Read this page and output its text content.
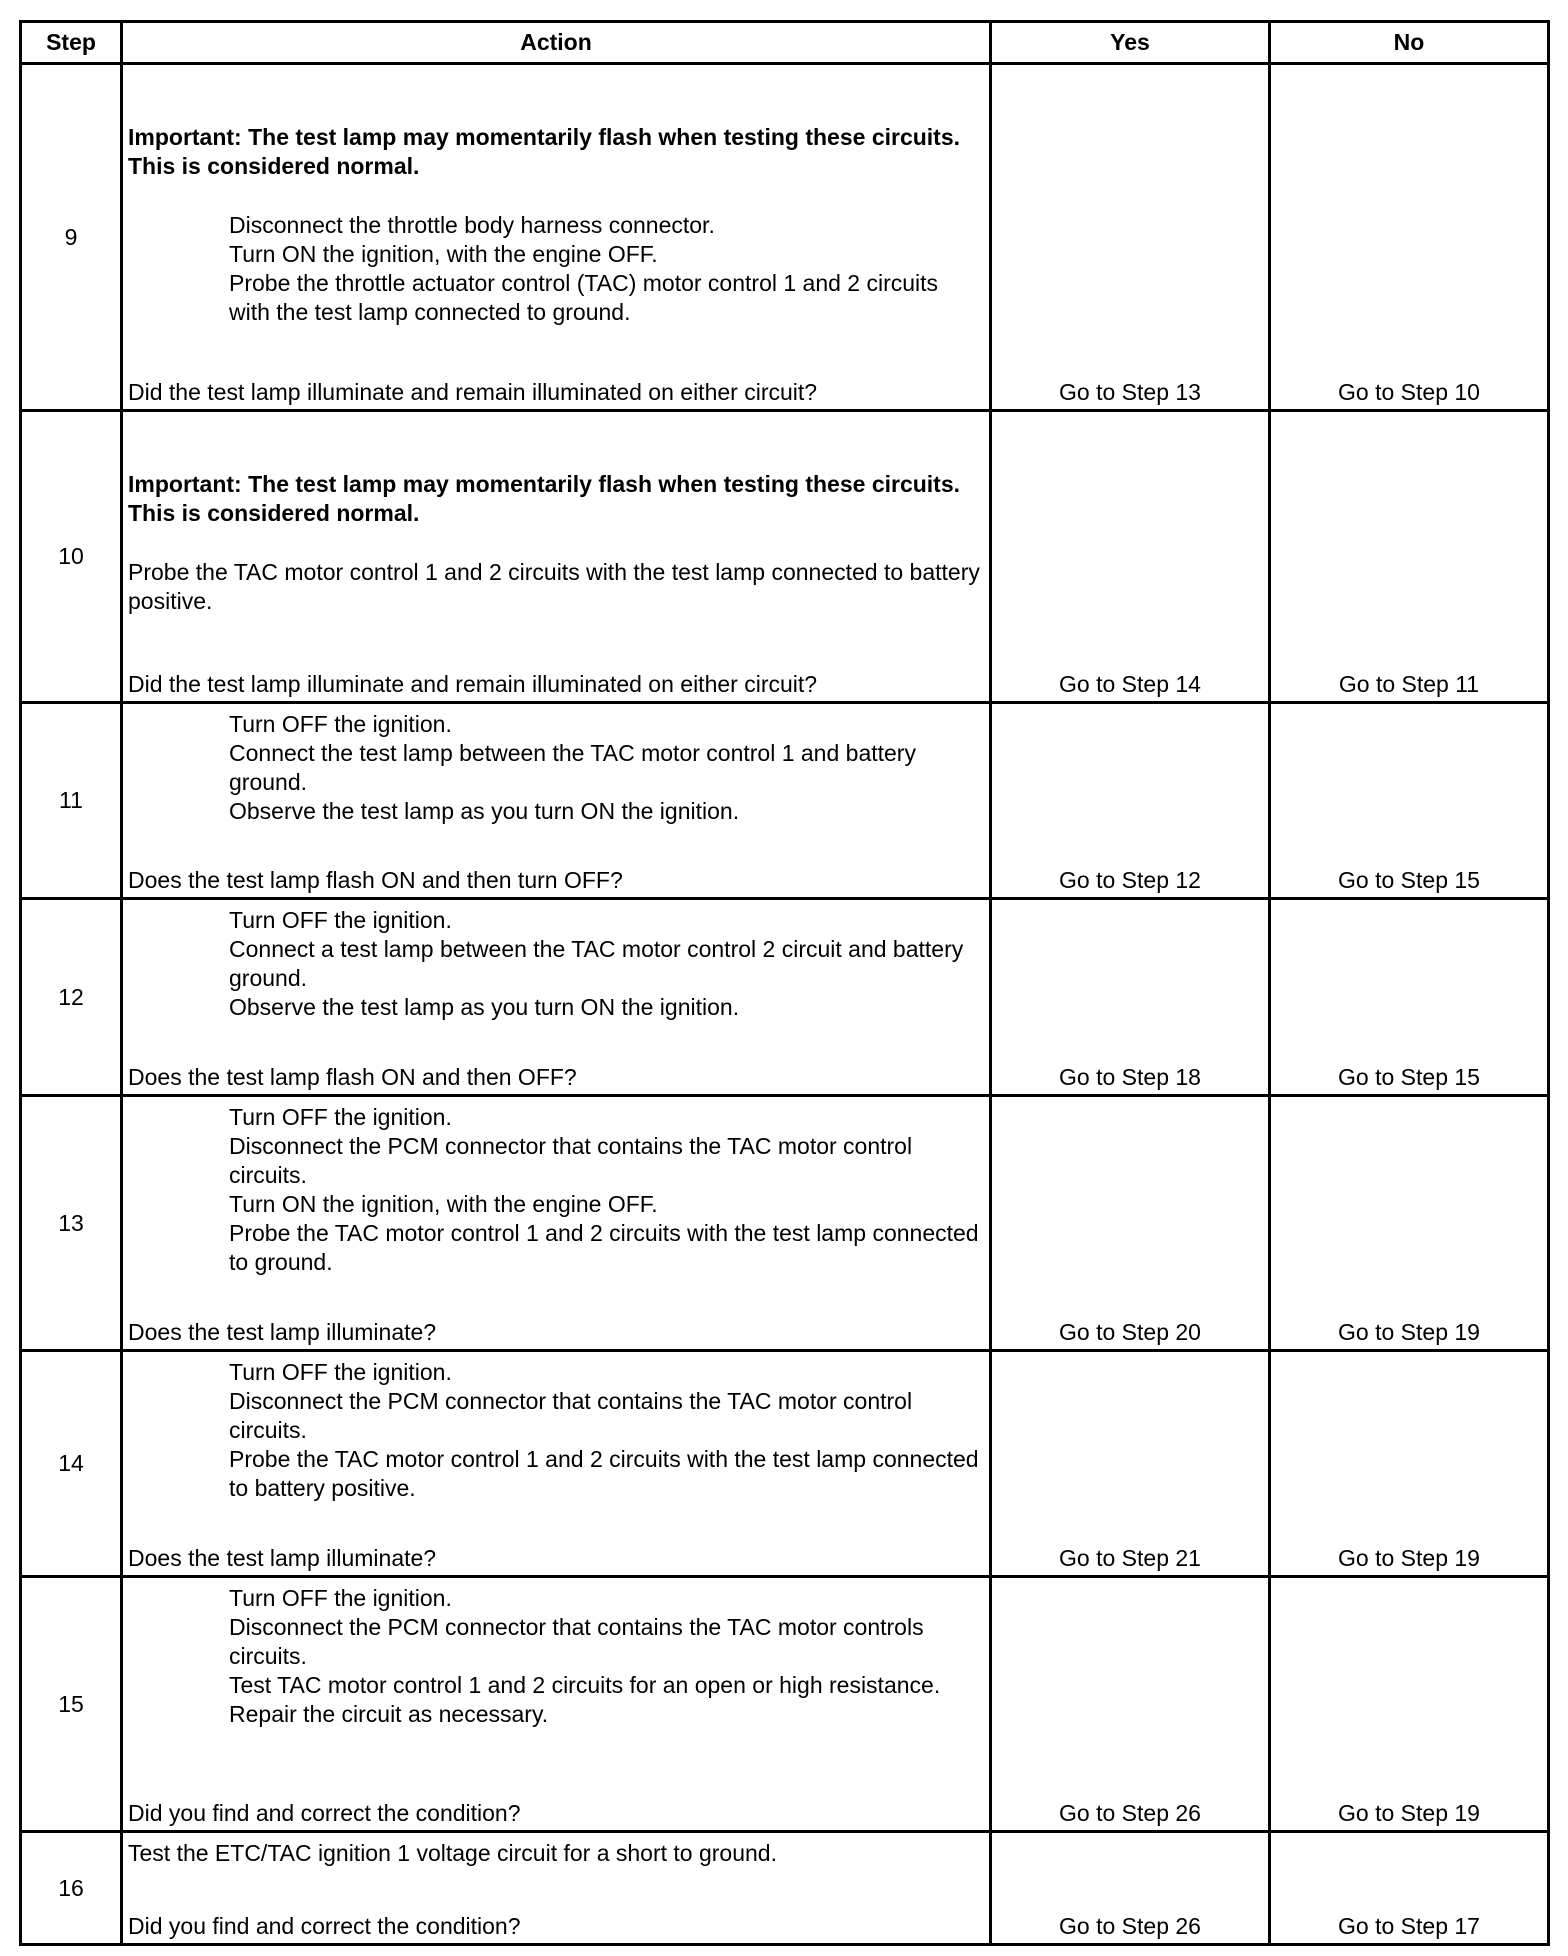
Step	Action	Yes	No
9	Important: The test lamp may momentarily flash when testing these circuits. This is considered normal.

Disconnect the throttle body harness connector.
Turn ON the ignition, with the engine OFF.
Probe the throttle actuator control (TAC) motor control 1 and 2 circuits with the test lamp connected to ground.
Did the test lamp illuminate and remain illuminated on either circuit?	Go to Step 13	Go to Step 10
10	Important: The test lamp may momentarily flash when testing these circuits. This is considered normal.

Probe the TAC motor control 1 and 2 circuits with the test lamp connected to battery positive.

Did the test lamp illuminate and remain illuminated on either circuit?	Go to Step 14	Go to Step 11
11	Turn OFF the ignition.
Connect the test lamp between the TAC motor control 1 and battery ground.
Observe the test lamp as you turn ON the ignition.
Does the test lamp flash ON and then turn OFF?	Go to Step 12	Go to Step 15
12	Turn OFF the ignition.
Connect a test lamp between the TAC motor control 2 circuit and battery ground.
Observe the test lamp as you turn ON the ignition.
Does the test lamp flash ON and then OFF?	Go to Step 18	Go to Step 15
13	Turn OFF the ignition.
Disconnect the PCM connector that contains the TAC motor control circuits.
Turn ON the ignition, with the engine OFF.
Probe the TAC motor control 1 and 2 circuits with the test lamp connected to ground.
Does the test lamp illuminate?	Go to Step 20	Go to Step 19
14	Turn OFF the ignition.
Disconnect the PCM connector that contains the TAC motor control circuits.
Probe the TAC motor control 1 and 2 circuits with the test lamp connected to battery positive.
Does the test lamp illuminate?	Go to Step 21	Go to Step 19
15	Turn OFF the ignition.
Disconnect the PCM connector that contains the TAC motor controls circuits.
Test TAC motor control 1 and 2 circuits for an open or high resistance.
Repair the circuit as necessary.
Did you find and correct the condition?	Go to Step 26	Go to Step 19
16	Test the ETC/TAC ignition 1 voltage circuit for a short to ground.

Did you find and correct the condition?	Go to Step 26	Go to Step 17
